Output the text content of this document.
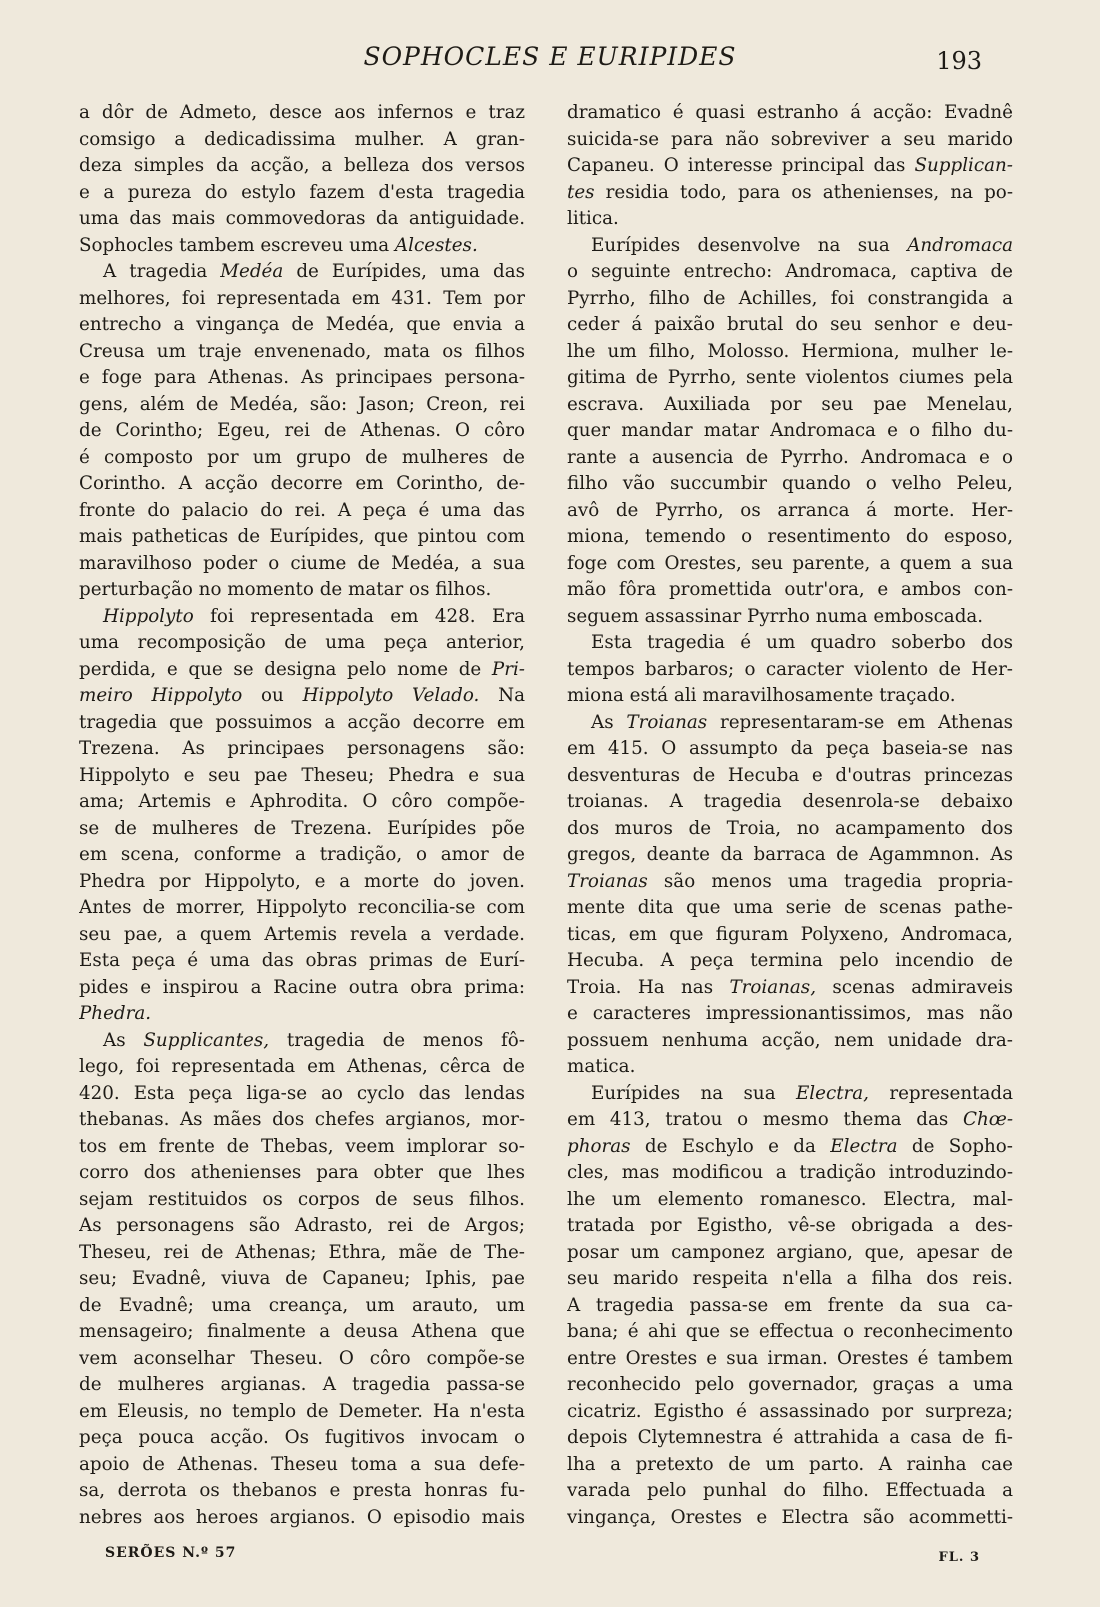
SOPHOCLES E EURIPIDES	193
a dôr de Admeto, desce aos infernos e traz
comsigo a dedicadissima mulher. A gran-
deza simples da acção, a belleza dos versos
e a pureza do estylo fazem d'esta tragedia
uma das mais commovedoras da antiguidade.
Sophocles tambem escreveu uma Alcestes.
A tragedia Medéa de Eurípides, uma das
melhores, foi representada em 431. Tem por
entrecho a vingança de Medéa, que envia a
Creusa um traje envenenado, mata os filhos
e foge para Athenas. As principaes persona-
gens, além de Medéa, são: Jason; Creon, rei
de Corintho; Egeu, rei de Athenas. O côro
é composto por um grupo de mulheres de
Corintho. A acção decorre em Corintho, de-
fronte do palacio do rei. A peça é uma das
mais patheticas de Eurípides, que pintou com
maravilhoso poder o ciume de Medéa, a sua
perturbação no momento de matar os filhos.
Hippolyto foi representada em 428. Era
uma recomposição de uma peça anterior,
perdida, e que se designa pelo nome de Pri-
meiro Hippolyto ou Hippolyto Velado. Na
tragedia que possuimos a acção decorre em
Trezena. As principaes personagens são:
Hippolyto e seu pae Theseu; Phedra e sua
ama; Artemis e Aphrodita. O côro compõe-
se de mulheres de Trezena. Eurípides põe
em scena, conforme a tradição, o amor de
Phedra por Hippolyto, e a morte do joven.
Antes de morrer, Hippolyto reconcilia-se com
seu pae, a quem Artemis revela a verdade.
Esta peça é uma das obras primas de Eurí-
pides e inspirou a Racine outra obra prima:
Phedra.
As Supplicantes, tragedia de menos fô-
lego, foi representada em Athenas, cêrca de
420. Esta peça liga-se ao cyclo das lendas
thebanas. As mães dos chefes argianos, mor-
tos em frente de Thebas, veem implorar so-
corro dos athenienses para obter que lhes
sejam restituidos os corpos de seus filhos.
As personagens são Adrasto, rei de Argos;
Theseu, rei de Athenas; Ethra, mãe de The-
seu; Evadnê, viuva de Capaneu; Iphis, pae
de Evadnê; uma creança, um arauto, um
mensageiro; finalmente a deusa Athena que
vem aconselhar Theseu. O côro compõe-se
de mulheres argianas. A tragedia passa-se
em Eleusis, no templo de Demeter. Ha n'esta
peça pouca acção. Os fugitivos invocam o
apoio de Athenas. Theseu toma a sua defe-
sa, derrota os thebanos e presta honras fu-
nebres aos heroes argianos. O episodio mais
dramatico é quasi estranho á acção: Evadnê
suicida-se para não sobreviver a seu marido
Capaneu. O interesse principal das Supplican-
tes residia todo, para os athenienses, na po-
litica.
Eurípides desenvolve na sua Andromaca
o seguinte entrecho: Andromaca, captiva de
Pyrrho, filho de Achilles, foi constrangida a
ceder á paixão brutal do seu senhor e deu-
lhe um filho, Molosso. Hermiona, mulher le-
gitima de Pyrrho, sente violentos ciumes pela
escrava. Auxiliada por seu pae Menelau,
quer mandar matar Andromaca e o filho du-
rante a ausencia de Pyrrho. Andromaca e o
filho vão succumbir quando o velho Peleu,
avô de Pyrrho, os arranca á morte. Her-
miona, temendo o resentimento do esposo,
foge com Orestes, seu parente, a quem a sua
mão fôra promettida outr'ora, e ambos con-
seguem assassinar Pyrrho numa emboscada.
Esta tragedia é um quadro soberbo dos
tempos barbaros; o caracter violento de Her-
miona está ali maravilhosamente traçado.
As Troianas representaram-se em Athenas
em 415. O assumpto da peça baseia-se nas
desventuras de Hecuba e d'outras princezas
troianas. A tragedia desenrola-se debaixo
dos muros de Troia, no acampamento dos
gregos, deante da barraca de Agammnon. As
Troianas são menos uma tragedia propria-
mente dita que uma serie de scenas pathe-
ticas, em que figuram Polyxeno, Andromaca,
Hecuba. A peça termina pelo incendio de
Troia. Ha nas Troianas, scenas admiraveis
e caracteres impressionantissimos, mas não
possuem nenhuma acção, nem unidade dra-
matica.
Eurípides na sua Electra, representada
em 413, tratou o mesmo thema das Chœ-
phoras de Eschylo e da Electra de Sopho-
cles, mas modificou a tradição introduzindo-
lhe um elemento romanesco. Electra, mal-
tratada por Egistho, vê-se obrigada a des-
posar um camponez argiano, que, apesar de
seu marido respeita n'ella a filha dos reis.
A tragedia passa-se em frente da sua ca-
bana; é ahi que se effectua o reconhecimento
entre Orestes e sua irman. Orestes é tambem
reconhecido pelo governador, graças a uma
cicatriz. Egistho é assassinado por surpreza;
depois Clytemnestra é attrahida a casa de fi-
lha a pretexto de um parto. A rainha cae
varada pelo punhal do filho. Effectuada a
vingança, Orestes e Electra são acommetti-
SERÕES N.º 57	FL. 3
